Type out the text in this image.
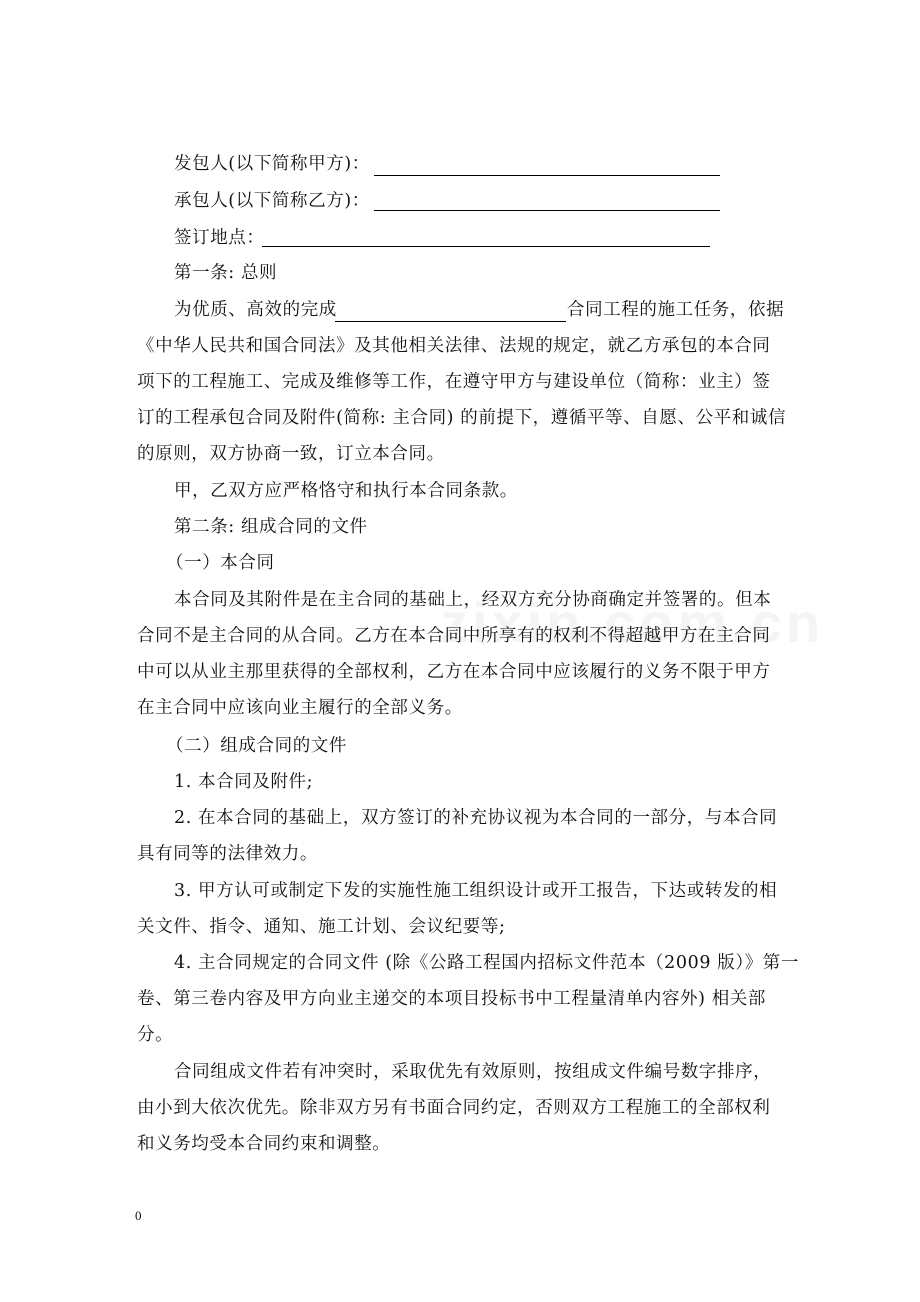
发包人(以下简称甲方)：
承包人(以下简称乙方)：
签订地点：
第一条: 总则
为优质、高效的完成	合同工程的施工任务，依据
《中华人民共和国合同法》及其他相关法律、法规的规定，就乙方承包的本合同
项下的工程施工、完成及维修等工作，在遵守甲方与建设单位（简称：业主）签
订的工程承包合同及附件(简称: 主合同) 的前提下，遵循平等、自愿、公平和诚信
的原则，双方协商一致，订立本合同。
甲，乙双方应严格恪守和执行本合同条款。
第二条: 组成合同的文件
（一）本合同
本合同及其附件是在主合同的基础上，经双方充分协商确定并签署的。但本
合同不是主合同的从合同。乙方在本合同中所享有的权利不得超越甲方在主合同
中可以从业主那里获得的全部权利，乙方在本合同中应该履行的义务不限于甲方
在主合同中应该向业主履行的全部义务。
（二）组成合同的文件
1. 本合同及附件;
2. 在本合同的基础上，双方签订的补充协议视为本合同的一部分，与本合同
具有同等的法律效力。
3. 甲方认可或制定下发的实施性施工组织设计或开工报告，下达或转发的相
关文件、指令、通知、施工计划、会议纪要等;
4. 主合同规定的合同文件 (除《公路工程国内招标文件范本（2009 版）》第一
卷、第三卷内容及甲方向业主递交的本项目投标书中工程量清单内容外) 相关部
分。
合同组成文件若有冲突时，采取优先有效原则，按组成文件编号数字排序，
由小到大依次优先。除非双方另有书面合同约定，否则双方工程施工的全部权利
和义务均受本合同约束和调整。
0
